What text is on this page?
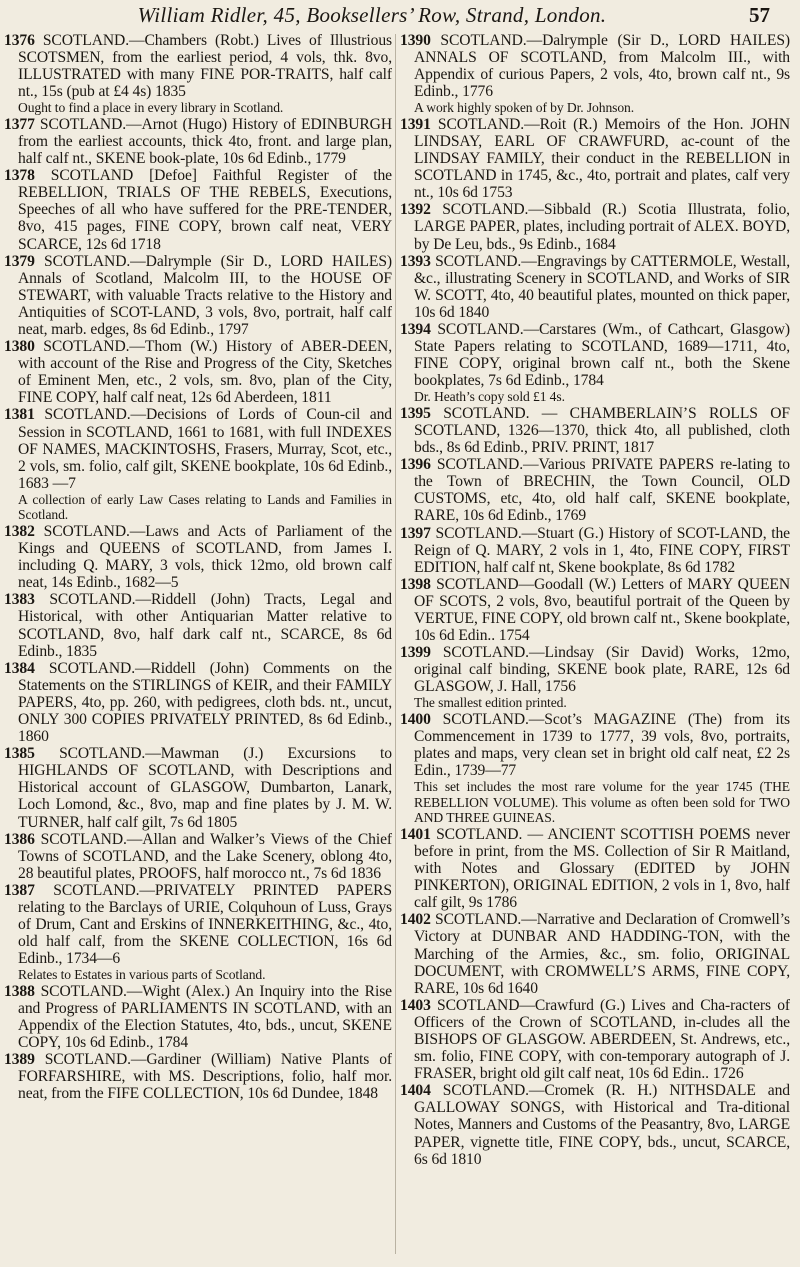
William Ridler, 45, Booksellers’ Row, Strand, London.	57

1376 SCOTLAND.—Chambers (Robt.) Lives of Illustrious SCOTSMEN, from the earliest period, 4 vols, thk. 8vo, ILLUSTRATED with many FINE POR-TRAITS, half calf nt., 15s (pub at £4 4s) 1835

Ought to find a place in every library in Scotland.

1377 SCOTLAND.—Arnot (Hugo) History of EDINBURGH from the earliest accounts, thick 4to, front. and large plan, half calf nt., SKENE book-plate, 10s 6d Edinb., 1779

1378 SCOTLAND [Defoe] Faithful Register of the REBELLION, TRIALS OF THE REBELS, Executions, Speeches of all who have suffered for the PRE-TENDER, 8vo, 415 pages, FINE COPY, brown calf neat, VERY SCARCE, 12s 6d 1718

1379 SCOTLAND.—Dalrymple (Sir D., LORD HAILES) Annals of Scotland, Malcolm III, to the HOUSE OF STEWART, with valuable Tracts relative to the History and Antiquities of SCOT-LAND, 3 vols, 8vo, portrait, half calf neat, marb. edges, 8s 6d Edinb., 1797

1380 SCOTLAND.—Thom (W.) History of ABER-DEEN, with account of the Rise and Progress of the City, Sketches of Eminent Men, etc., 2 vols, sm. 8vo, plan of the City, FINE COPY, half calf neat, 12s 6d Aberdeen, 1811

1381 SCOTLAND.—Decisions of Lords of Coun-cil and Session in SCOTLAND, 1661 to 1681, with full INDEXES OF NAMES, MACKINTOSHS, Frasers, Murray, Scot, etc., 2 vols, sm. folio, calf gilt, SKENE bookplate, 10s 6d Edinb., 1683 —7

A collection of early Law Cases relating to Lands and Families in Scotland.

1382 SCOTLAND.—Laws and Acts of Parliament of the Kings and QUEENS of SCOTLAND, from James I. including Q. MARY, 3 vols, thick 12mo, old brown calf neat, 14s Edinb., 1682—5

1383 SCOTLAND.—Riddell (John) Tracts, Legal and Historical, with other Antiquarian Matter relative to SCOTLAND, 8vo, half dark calf nt., SCARCE, 8s 6d Edinb., 1835

1384 SCOTLAND.—Riddell (John) Comments on the Statements on the STIRLINGS of KEIR, and their FAMILY PAPERS, 4to, pp. 260, with pedigrees, cloth bds. nt., uncut, ONLY 300 COPIES PRIVATELY PRINTED, 8s 6d Edinb., 1860

1385 SCOTLAND.—Mawman (J.) Excursions to HIGHLANDS OF SCOTLAND, with Descriptions and Historical account of GLASGOW, Dumbarton, Lanark, Loch Lomond, &c., 8vo, map and fine plates by J. M. W. TURNER, half calf gilt, 7s 6d 1805

1386 SCOTLAND.—Allan and Walker’s Views of the Chief Towns of SCOTLAND, and the Lake Scenery, oblong 4to, 28 beautiful plates, PROOFS, half morocco nt., 7s 6d 1836

1387 SCOTLAND.—PRIVATELY PRINTED PAPERS relating to the Barclays of URIE, Colquhoun of Luss, Grays of Drum, Cant and Erskins of INNERKEITHING, &c., 4to, old half calf, from the SKENE COLLECTION, 16s 6d Edinb., 1734—6

Relates to Estates in various parts of Scotland.

1388 SCOTLAND.—Wight (Alex.) An Inquiry into the Rise and Progress of PARLIAMENTS IN SCOTLAND, with an Appendix of the Election Statutes, 4to, bds., uncut, SKENE COPY, 10s 6d Edinb., 1784

1389 SCOTLAND.—Gardiner (William) Native Plants of FORFARSHIRE, with MS. Descriptions, folio, half mor. neat, from the FIFE COLLECTION, 10s 6d Dundee, 1848

1390 SCOTLAND.—Dalrymple (Sir D., LORD HAILES) ANNALS OF SCOTLAND, from Malcolm III., with Appendix of curious Papers, 2 vols, 4to, brown calf nt., 9s Edinb., 1776

A work highly spoken of by Dr. Johnson.

1391 SCOTLAND.—Roit (R.) Memoirs of the Hon. JOHN LINDSAY, EARL OF CRAWFURD, ac-count of the LINDSAY FAMILY, their conduct in the REBELLION in SCOTLAND in 1745, &c., 4to, portrait and plates, calf very nt., 10s 6d 1753

1392 SCOTLAND.—Sibbald (R.) Scotia Illustrata, folio, LARGE PAPER, plates, including portrait of ALEX. BOYD, by De Leu, bds., 9s Edinb., 1684

1393 SCOTLAND.—Engravings by CATTERMOLE, Westall, &c., illustrating Scenery in SCOTLAND, and Works of SIR W. SCOTT, 4to, 40 beautiful plates, mounted on thick paper, 10s 6d 1840

1394 SCOTLAND.—Carstares (Wm., of Cathcart, Glasgow) State Papers relating to SCOTLAND, 1689—1711, 4to, FINE COPY, original brown calf nt., both the Skene bookplates, 7s 6d Edinb., 1784

Dr. Heath’s copy sold £1 4s.

1395 SCOTLAND. — CHAMBERLAIN’S ROLLS OF SCOTLAND, 1326—1370, thick 4to, all published, cloth bds., 8s 6d Edinb., PRIV. PRINT, 1817

1396 SCOTLAND.—Various PRIVATE PAPERS re-lating to the Town of BRECHIN, the Town Council, OLD CUSTOMS, etc, 4to, old half calf, SKENE bookplate, RARE, 10s 6d Edinb., 1769

1397 SCOTLAND.—Stuart (G.) History of SCOT-LAND, the Reign of Q. MARY, 2 vols in 1, 4to, FINE COPY, FIRST EDITION, half calf nt, Skene bookplate, 8s 6d 1782

1398 SCOTLAND—Goodall (W.) Letters of MARY QUEEN OF SCOTS, 2 vols, 8vo, beautiful portrait of the Queen by VERTUE, FINE COPY, old brown calf nt., Skene bookplate, 10s 6d Edin.. 1754

1399 SCOTLAND.—Lindsay (Sir David) Works, 12mo, original calf binding, SKENE book plate, RARE, 12s 6d GLASGOW, J. Hall, 1756

The smallest edition printed.

1400 SCOTLAND.—Scot’s MAGAZINE (The) from its Commencement in 1739 to 1777, 39 vols, 8vo, portraits, plates and maps, very clean set in bright old calf neat, £2 2s Edin., 1739—77

This set includes the most rare volume for the year 1745 (THE REBELLION VOLUME). This volume as often been sold for TWO AND THREE GUINEAS.

1401 SCOTLAND. — ANCIENT SCOTTISH POEMS never before in print, from the MS. Collection of Sir R Maitland, with Notes and Glossary (EDITED by JOHN PINKERTON), ORIGINAL EDITION, 2 vols in 1, 8vo, half calf gilt, 9s 1786

1402 SCOTLAND.—Narrative and Declaration of Cromwell’s Victory at DUNBAR AND HADDING-TON, with the Marching of the Armies, &c., sm. folio, ORIGINAL DOCUMENT, with CROMWELL’S ARMS, FINE COPY, RARE, 10s 6d 1640

1403 SCOTLAND—Crawfurd (G.) Lives and Cha-racters of Officers of the Crown of SCOTLAND, in-cludes all the BISHOPS OF GLASGOW. ABERDEEN, St. Andrews, etc., sm. folio, FINE COPY, with con-temporary autograph of J. FRASER, bright old gilt calf neat, 10s 6d Edin.. 1726

1404 SCOTLAND.—Cromek (R. H.) NITHSDALE and GALLOWAY SONGS, with Historical and Tra-ditional Notes, Manners and Customs of the Peasantry, 8vo, LARGE PAPER, vignette title, FINE COPY, bds., uncut, SCARCE, 6s 6d 1810
